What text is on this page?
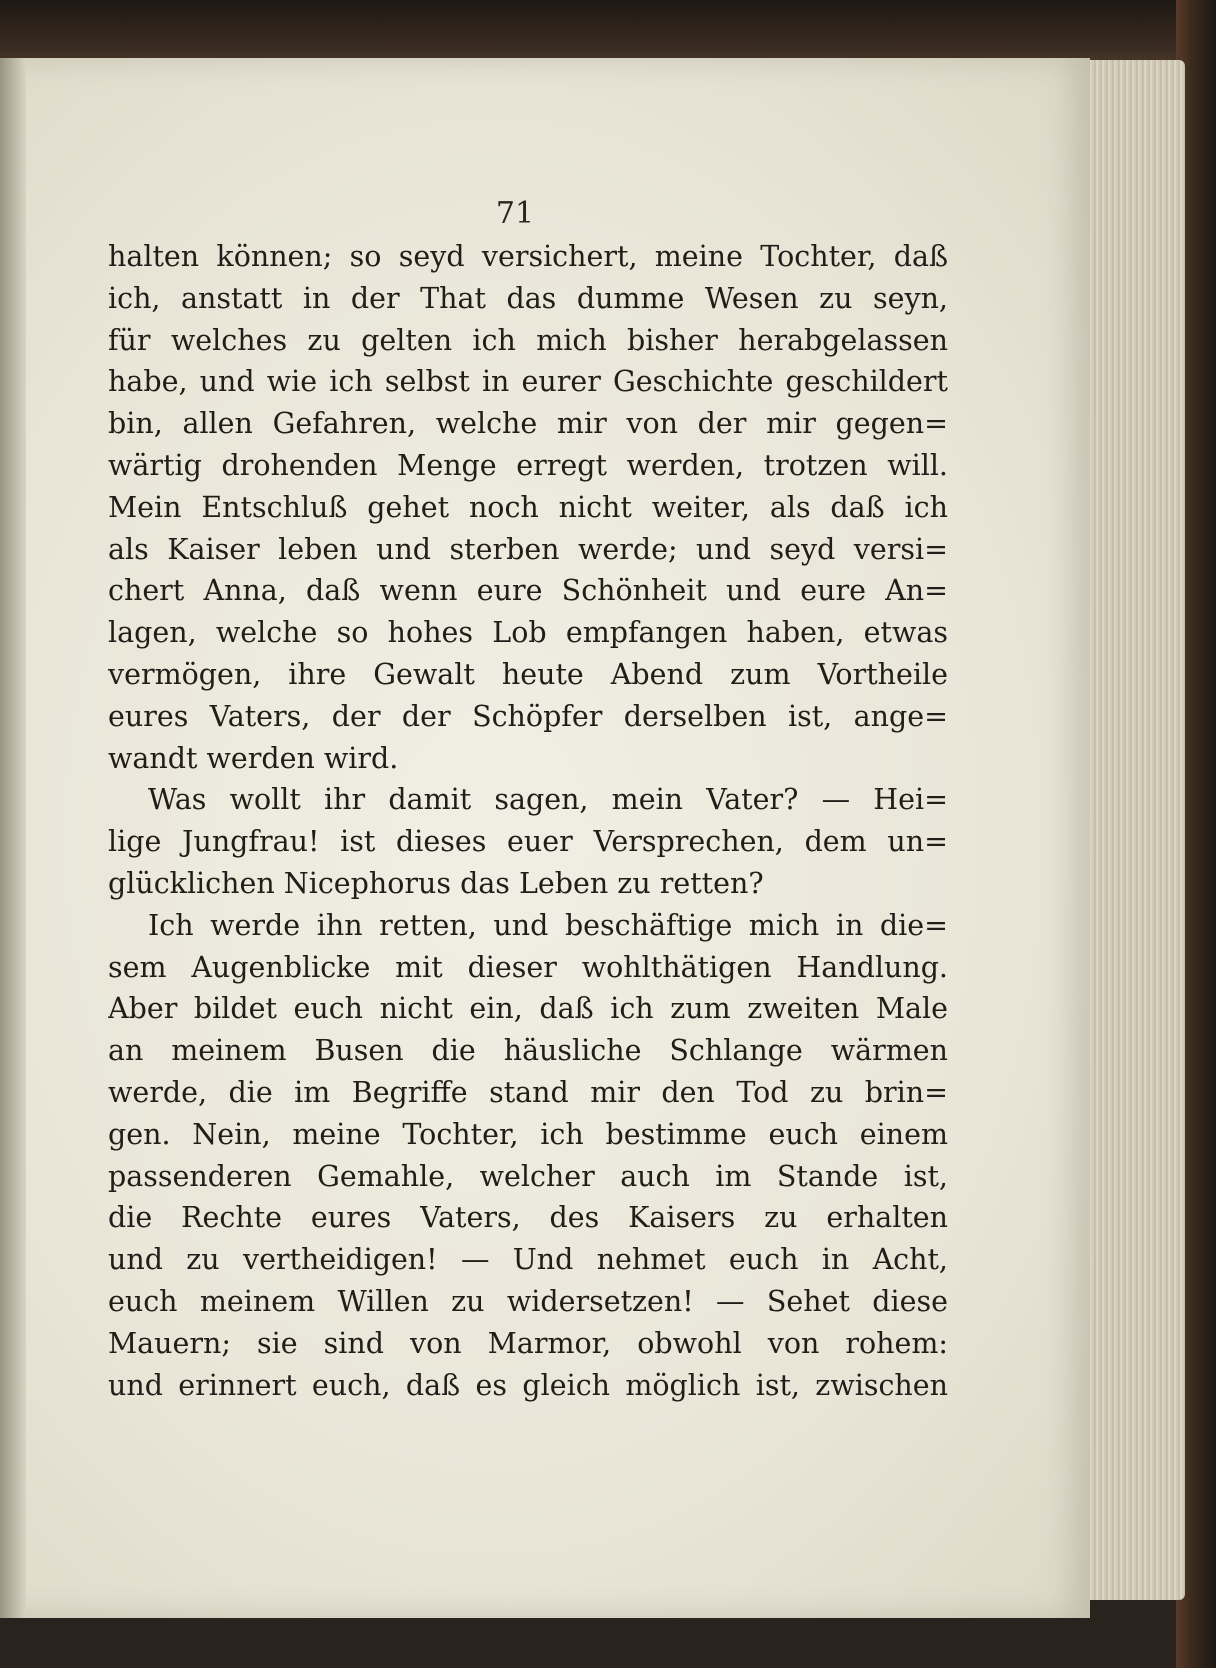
71
halten können; so seyd versichert, meine Tochter, daß
ich, anstatt in der That das dumme Wesen zu seyn,
für welches zu gelten ich mich bisher herabgelassen
habe, und wie ich selbst in eurer Geschichte geschildert
bin, allen Gefahren, welche mir von der mir gegen=
wärtig drohenden Menge erregt werden, trotzen will.
Mein Entschluß gehet noch nicht weiter, als daß ich
als Kaiser leben und sterben werde; und seyd versi=
chert Anna, daß wenn eure Schönheit und eure An=
lagen, welche so hohes Lob empfangen haben, etwas
vermögen, ihre Gewalt heute Abend zum Vortheile
eures Vaters, der der Schöpfer derselben ist, ange=
wandt werden wird.
Was wollt ihr damit sagen, mein Vater? — Hei=
lige Jungfrau! ist dieses euer Versprechen, dem un=
glücklichen Nicephorus das Leben zu retten?
Ich werde ihn retten, und beschäftige mich in die=
sem Augenblicke mit dieser wohlthätigen Handlung.
Aber bildet euch nicht ein, daß ich zum zweiten Male
an meinem Busen die häusliche Schlange wärmen
werde, die im Begriffe stand mir den Tod zu brin=
gen. Nein, meine Tochter, ich bestimme euch einem
passenderen Gemahle, welcher auch im Stande ist,
die Rechte eures Vaters, des Kaisers zu erhalten
und zu vertheidigen! — Und nehmet euch in Acht,
euch meinem Willen zu widersetzen! — Sehet diese
Mauern; sie sind von Marmor, obwohl von rohem:
und erinnert euch, daß es gleich möglich ist, zwischen
